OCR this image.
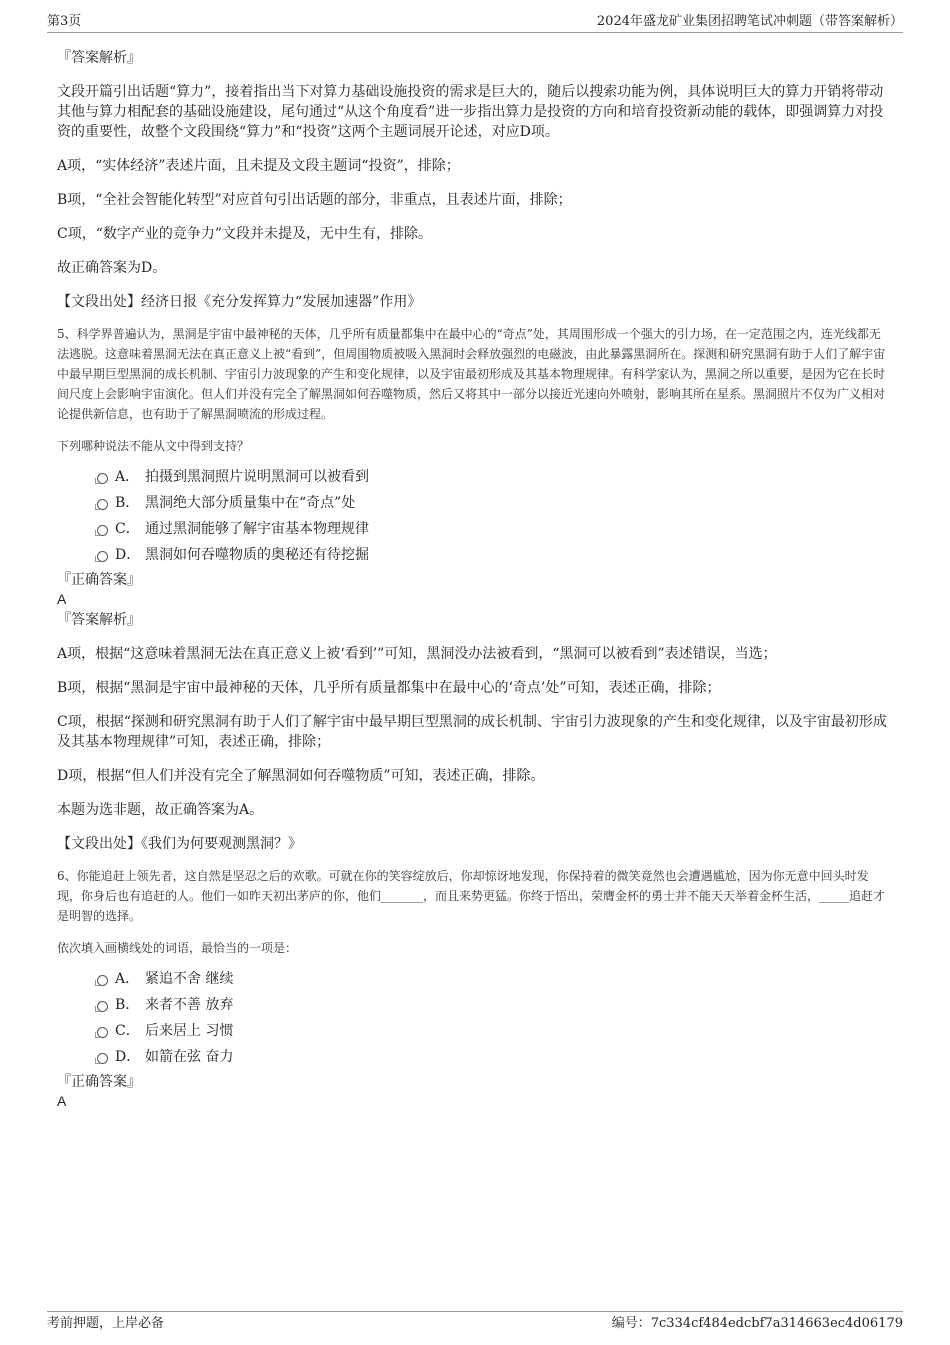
第3页	2024年盛龙矿业集团招聘笔试冲刺题（带答案解析）

『答案解析』

文段开篇引出话题“算力”，接着指出当下对算力基础设施投资的需求是巨大的，随后以搜索功能为例，具体说明巨大的算力开销将带动其他与算力相配套的基础设施建设，尾句通过“从这个角度看”进一步指出算力是投资的方向和培育投资新动能的载体，即强调算力对投资的重要性，故整个文段围绕“算力”和“投资”这两个主题词展开论述，对应D项。

A项，“实体经济”表述片面，且未提及文段主题词“投资”，排除；

B项，“全社会智能化转型”对应首句引出话题的部分，非重点，且表述片面，排除；

C项，“数字产业的竞争力”文段并未提及，无中生有，排除。

故正确答案为D。

【文段出处】经济日报《充分发挥算力“发展加速器”作用》

5、科学界普遍认为，黑洞是宇宙中最神秘的天体，几乎所有质量都集中在最中心的“奇点”处，其周围形成一个强大的引力场，在一定范围之内，连光线都无法逃脱。这意味着黑洞无法在真正意义上被“看到”，但周围物质被吸入黑洞时会释放强烈的电磁波，由此暴露黑洞所在。探测和研究黑洞有助于人们了解宇宙中最早期巨型黑洞的成长机制、宇宙引力波现象的产生和变化规律，以及宇宙最初形成及其基本物理规律。有科学家认为，黑洞之所以重要，是因为它在长时间尺度上会影响宇宙演化。但人们并没有完全了解黑洞如何吞噬物质，然后又将其中一部分以接近光速向外喷射，影响其所在星系。黑洞照片不仅为广义相对论提供新信息，也有助于了解黑洞喷流的形成过程。

下列哪种说法不能从文中得到支持？

A． 拍摄到黑洞照片说明黑洞可以被看到
B． 黑洞绝大部分质量集中在“奇点”处
C． 通过黑洞能够了解宇宙基本物理规律
D． 黑洞如何吞噬物质的奥秘还有待挖掘

『正确答案』

A

『答案解析』

A项，根据“这意味着黑洞无法在真正意义上被‘看到’”可知，黑洞没办法被看到，“黑洞可以被看到”表述错误，当选；

B项，根据“黑洞是宇宙中最神秘的天体，几乎所有质量都集中在最中心的‘奇点’处”可知，表述正确，排除；

C项，根据“探测和研究黑洞有助于人们了解宇宙中最早期巨型黑洞的成长机制、宇宙引力波现象的产生和变化规律，以及宇宙最初形成及其基本物理规律”可知，表述正确，排除；

D项，根据“但人们并没有完全了解黑洞如何吞噬物质”可知，表述正确，排除。

本题为选非题，故正确答案为A。

【文段出处】《我们为何要观测黑洞？》

6、你能追赶上领先者，这自然是坚忍之后的欢歌。可就在你的笑容绽放后，你却惊讶地发现，你保持着的微笑竟然也会遭遇尴尬，因为你无意中回头时发现，你身后也有追赶的人。他们一如昨天初出茅庐的你，他们_______，而且来势更猛。你终于悟出，荣膺金杯的勇士并不能天天举着金杯生活，_____追赶才是明智的选择。

依次填入画横线处的词语，最恰当的一项是：

A． 紧追不舍 继续
B． 来者不善 放弃
C． 后来居上 习惯
D． 如箭在弦 奋力

『正确答案』

A

考前押题，上岸必备	编号：7c334cf484edcbf7a314663ec4d06179
